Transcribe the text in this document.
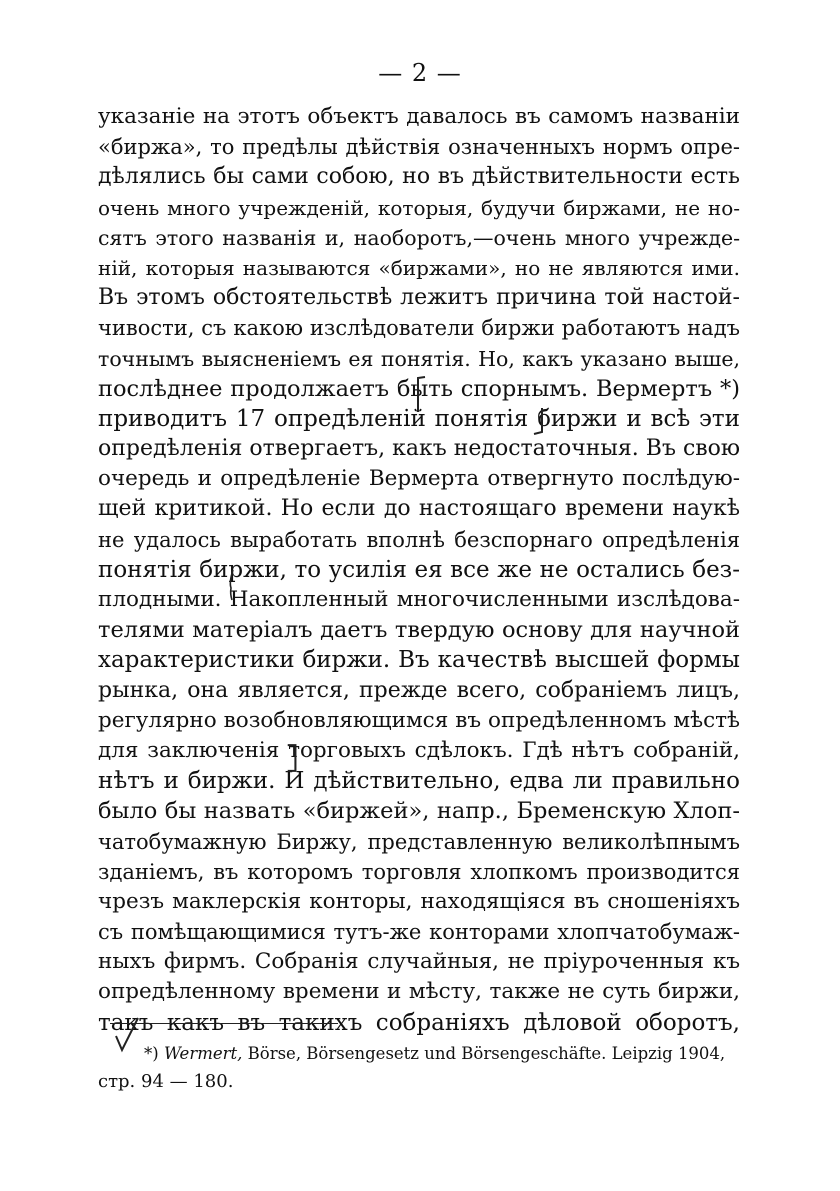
— 2 —
указаніе на этотъ объектъ давалось въ самомъ названіи
«биржа», то предѣлы дѣйствія означенныхъ нормъ опре-
дѣлялись бы сами собою, но въ дѣйствительности есть
очень много учрежденій, которыя, будучи биржами, не но-
сятъ этого названія и, наоборотъ,—очень много учрежде-
ній, которыя называются «биржами», но не являются ими.
Въ этомъ обстоятельствѣ лежитъ причина той настой-
чивости, съ какою изслѣдователи биржи работаютъ надъ
точнымъ выясненіемъ ея понятія. Но, какъ указано выше,
послѣднее продолжаетъ быть спорнымъ. Вермертъ *)
приводитъ 17 опредѣленій понятія биржи и всѣ эти
опредѣленія отвергаетъ, какъ недостаточныя. Въ свою
очередь и опредѣленіе Вермерта отвергнуто послѣдую-
щей критикой. Но если до настоящаго времени наукѣ
не удалось выработать вполнѣ безспорнаго опредѣленія
понятія биржи, то усилія ея все же не остались без-
плодными. Накопленный многочисленными изслѣдова-
телями матеріалъ даетъ твердую основу для научной
характеристики биржи. Въ качествѣ высшей формы
рынка, она является, прежде всего, собраніемъ лицъ,
регулярно возобновляющимся въ опредѣленномъ мѣстѣ
для заключенія торговыхъ сдѣлокъ. Гдѣ нѣтъ собраній,
нѣтъ и биржи. И дѣйствительно, едва ли правильно
было бы назвать «биржей», напр., Бременскую Хлоп-
чатобумажную Биржу, представленную великолѣпнымъ
зданіемъ, въ которомъ торговля хлопкомъ производится
чрезъ маклерскія конторы, находящіяся въ сношеніяхъ
съ помѣщающимися тутъ-же конторами хлопчатобумаж-
ныхъ фирмъ. Собранія случайныя, не пріуроченныя къ
опредѣленному времени и мѣсту, также не суть биржи,
такъ какъ въ такихъ собраніяхъ дѣловой оборотъ,
*) Wermert, Börse, Börsengesetz und Börsengeschäfte. Leipzig 1904,
стр. 94 — 180.
